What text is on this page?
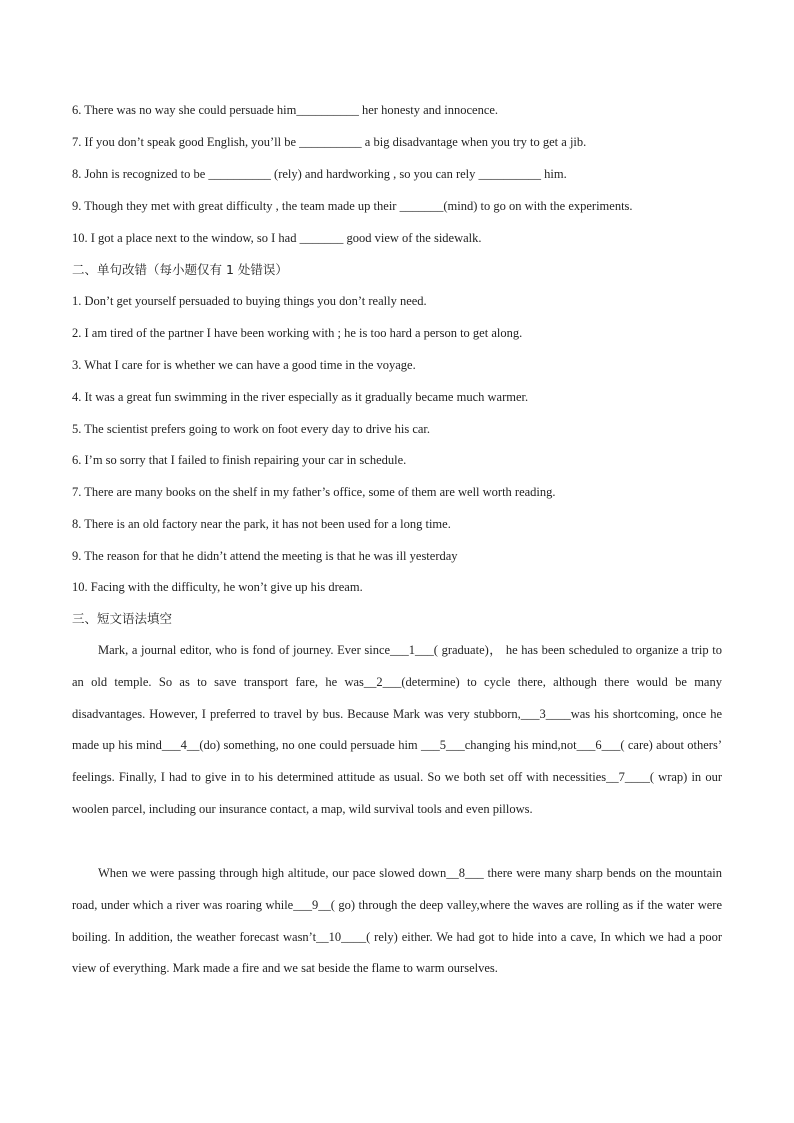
6. There was no way she could persuade him__________ her honesty and innocence.
7. If you don’t speak good English, you’ll be __________ a big disadvantage when you try to get a jib.
8. John is recognized to be __________ (rely) and hardworking , so you can rely __________ him.
9. Though they met with great difficulty , the team made up their _______(mind) to go on with the experiments.
10. I got a place next to the window, so I had _______ good view of the sidewalk.
二、单句改错（每小题仅有 1 处错误）
1. Don’t get yourself persuaded to buying things you don’t really need.
2. I am tired of the partner I have been working with ; he is too hard a person to get along.
3. What I care for is whether we can have a good time in the voyage.
4. It was a great fun swimming in the river especially as it gradually became much warmer.
5. The scientist prefers going to work on foot every day to drive his car.
6. I’m so sorry that I failed to finish repairing your car in schedule.
7. There are many books on the shelf in my father’s office, some of them are well worth reading.
8. There is an old factory near the park, it has not been used for a long time.
9. The reason for that he didn’t attend the meeting is that he was ill yesterday
10. Facing with the difficulty, he won’t give up his dream.
三、短文语法填空
Mark, a journal editor, who is fond of journey. Ever since___1___( graduate)， he has been scheduled to organize a trip to an old temple. So as to save transport fare, he was__2___(determine) to cycle there, although there would be many disadvantages. However, I preferred to travel by bus. Because Mark was very stubborn,___3____was his shortcoming, once he made up his mind___4__(do) something, no one could persuade him ___5___changing his mind,not___6___( care) about others’ feelings. Finally, I had to give in to his determined attitude as usual. So we both set off with necessities__7____( wrap) in our woolen parcel, including our insurance contact, a map, wild survival tools and even pillows.
When we were passing through high altitude, our pace slowed down__8___ there were many sharp bends on the mountain road, under which a river was roaring while___9__( go) through the deep valley,where the waves are rolling as if the water were boiling. In addition, the weather forecast wasn’t__10____( rely) either. We had got to hide into a cave, In which we had a poor view of everything. Mark made a fire and we sat beside the flame to warm ourselves.
